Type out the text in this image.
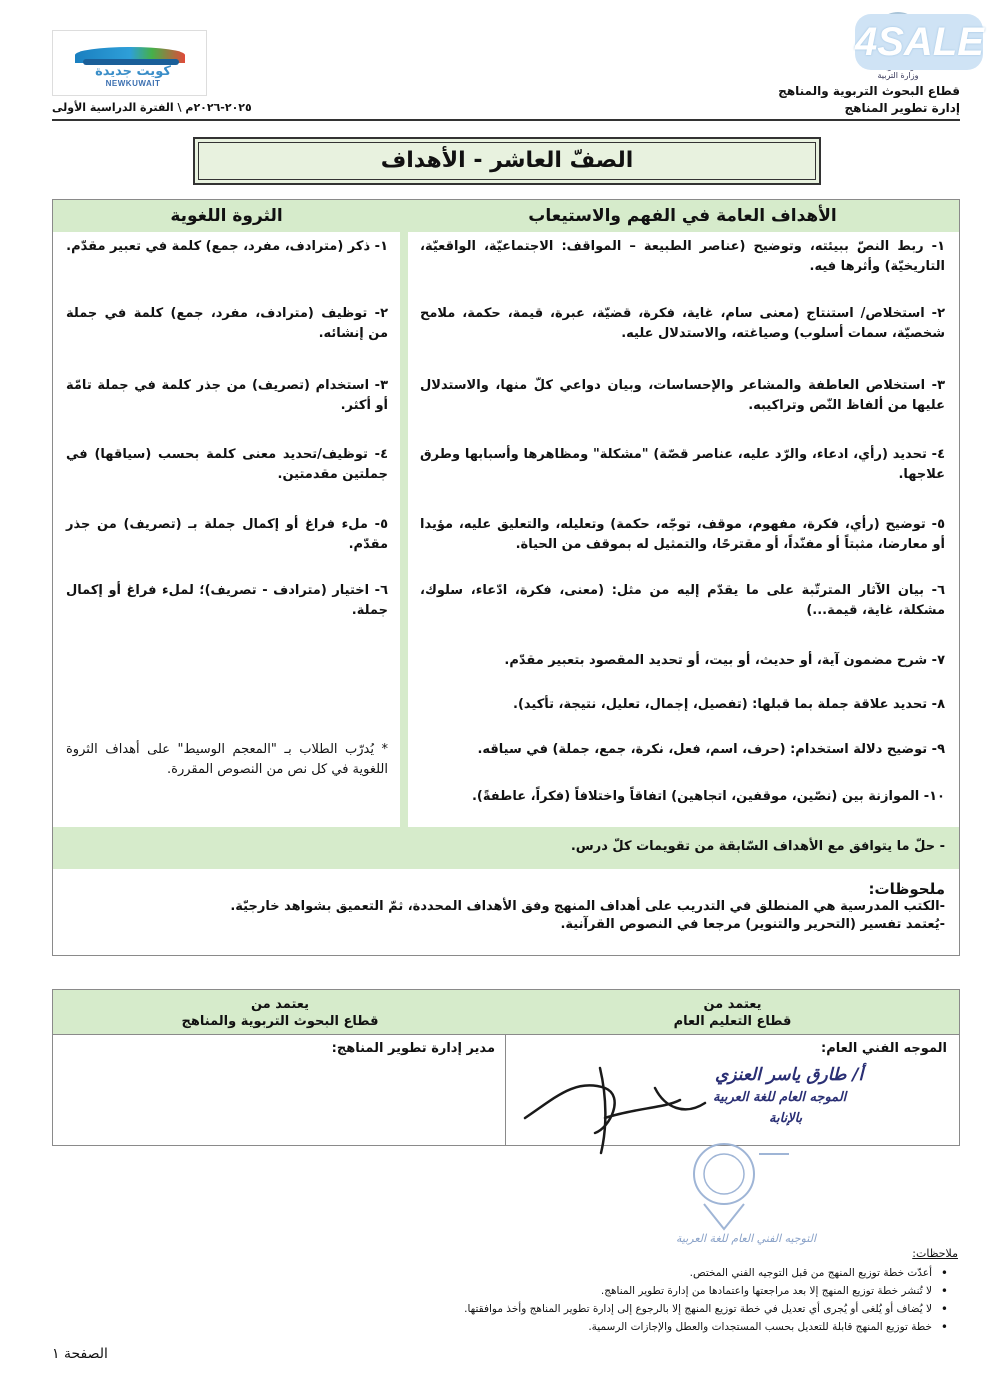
وزارة التربية
قطاع البحوث التربوية والمناهج
إدارة تطوير المناهج
4SALE
كويت جديدة
NEWKUWAIT
٢٠٢٥-٢٠٢٦م \ الفترة الدراسية الأولى
الصفّ العاشر - الأهداف
الأهداف العامة في الفهم والاستيعاب
الثروة اللغوية
١- ربط النصّ ببيئته، وتوضيح (عناصر الطبيعة – المواقف: الاجتماعيّة، الواقعيّة، التاريخيّة) وأثرها فيه.
٢- استخلاص/ استنتاج (معنى سام، غاية، فكرة، قضيّة، عبرة، قيمة، حكمة، ملامح شخصيّة، سمات أسلوب) وصياغته، والاستدلال عليه.
٣- استخلاص العاطفة والمشاعر والإحساسات، وبيان دواعي كلّ منها، والاستدلال عليها من ألفاظ النّص وتراكيبه.
٤- تحديد (رأي، ادعاء، والرّد عليه، عناصر قصّة) "مشكلة" ومظاهرها وأسبابها وطرق علاجها.
٥- توضيح (رأي، فكرة، مفهوم، موقف، توجّه، حكمة) وتعليله، والتعليق عليه، مؤيدا أو معارضا، مثبتاً أو مفنّداً، أو مقترحًا، والتمثيل له بموقف من الحياة.
٦- بيان الآثار المترتّبة على ما يقدّم إليه من مثل: (معنى، فكرة، ادّعاء، سلوك، مشكلة، غاية، قيمة...)
٧- شرح مضمون آية، أو حديث، أو بيت، أو تحديد المقصود بتعبير مقدّم.
٨- تحديد علاقة جملة بما قبلها: (تفصيل، إجمال، تعليل، نتيجة، تأكيد).
٩- توضيح دلالة استخدام: (حرف، اسم، فعل، نكرة، جمع، جملة) في سياقه.
١٠- الموازنة بين (نصّين، موقفين، اتجاهين) اتفاقاً واختلافاً (فكراً، عاطفةً).
١- ذكر (مترادف، مفرد، جمع) كلمة في تعبير مقدّم.
٢- توظيف (مترادف، مفرد، جمع) كلمة في جملة من إنشائه.
٣- استخدام (تصريف) من جذر كلمة في جملة تامّة أو أكثر.
٤- توظيف/تحديد معنى كلمة بحسب (سياقها) في جملتين مقدمتين.
٥- ملء فراغ أو إكمال جملة بـ (تصريف) من جذر مقدّم.
٦- اختيار (مترادف - تصريف)؛ لملء فراغ أو إكمال جملة.
* يُدرّب الطلاب بـ "المعجم الوسيط" على أهداف الثروة اللغوية في كل نص من النصوص المقررة.
- حلّ ما يتوافق مع الأهداف السّابقة من تقويمات كلّ درس.
ملحوظات:
-الكتب المدرسية هي المنطلق في التدريب على أهداف المنهج وفق الأهداف المحددة، ثمّ التعميق بشواهد خارجيّة.
-يُعتمد تفسير (التحرير والتنوير) مرجعا في النصوص القرآنية.
يعتمد من
قطاع التعليم العام
الموجه الفني العام:
يعتمد من
قطاع البحوث التربوية والمناهج
مدير إدارة تطوير المناهج:
أ/ طارق ياسر العنزي
الموجه العام للغة العربية
بالإنابة
التوجيه الفني العام للغة العربية
ملاحظات:
• أعدّت خطة توزيع المنهج من قبل التوجيه الفني المختص.
• لا تُنشر خطة توزيع المنهج إلا بعد مراجعتها واعتمادها من إدارة تطوير المناهج.
• لا يُضاف أو يُلغى أو يُجرى أي تعديل في خطة توزيع المنهج إلا بالرجوع إلى إدارة تطوير المناهج وأخذ موافقتها.
• خطة توزيع المنهج قابلة للتعديل بحسب المستجدات والعطل والإجازات الرسمية.
الصفحة ١
